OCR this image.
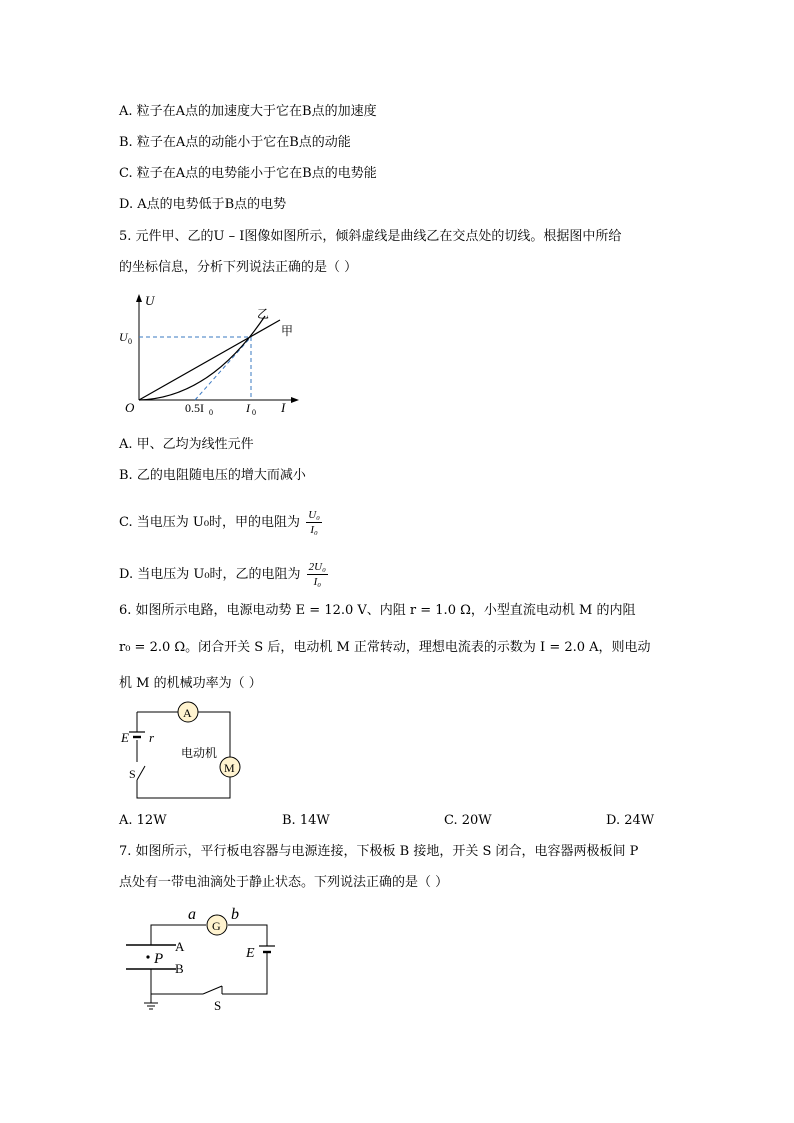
A. 粒子在A点的加速度大于它在B点的加速度
B. 粒子在A点的动能小于它在B点的动能
C. 粒子在A点的电势能小于它在B点的电势能
D. A点的电势低于B点的电势
5. 元件甲、乙的U – I图像如图所示，倾斜虚线是曲线乙在交点处的切线。根据图中所给
的坐标信息，分析下列说法正确的是（ ）
U
U 0
O	0.5I 0	I 0 I
乙
甲
A. 甲、乙均为线性元件
B. 乙的电阻随电压的增大而减小
C. 当电压为 U₀时，甲的电阻为 $\frac{\text{U₀}}{\text{I₀}}$
D. 当电压为 U₀时，乙的电阻为 $\frac{\text{2U₀}}{\text{I₀}}$
6. 如图所示电路，电源电动势 E = 12.0 V、内阻 r = 1.0 Ω，小型直流电动机 M 的内阻
r₀ = 2.0 Ω。闭合开关 S 后，电动机 M 正常转动，理想电流表的示数为 I = 2.0 A，则电动
机 M 的机械功率为（ ）
A
M
E r
电动机
S
A. 12W	B. 14W	C. 20W	D. 24W
7. 如图所示，平行板电容器与电源连接，下极板 B 接地，开关 S 闭合，电容器两极板间 P
点处有一带电油滴处于静止状态。下列说法正确的是（ ）
G
a b
A
B
P	E
S
